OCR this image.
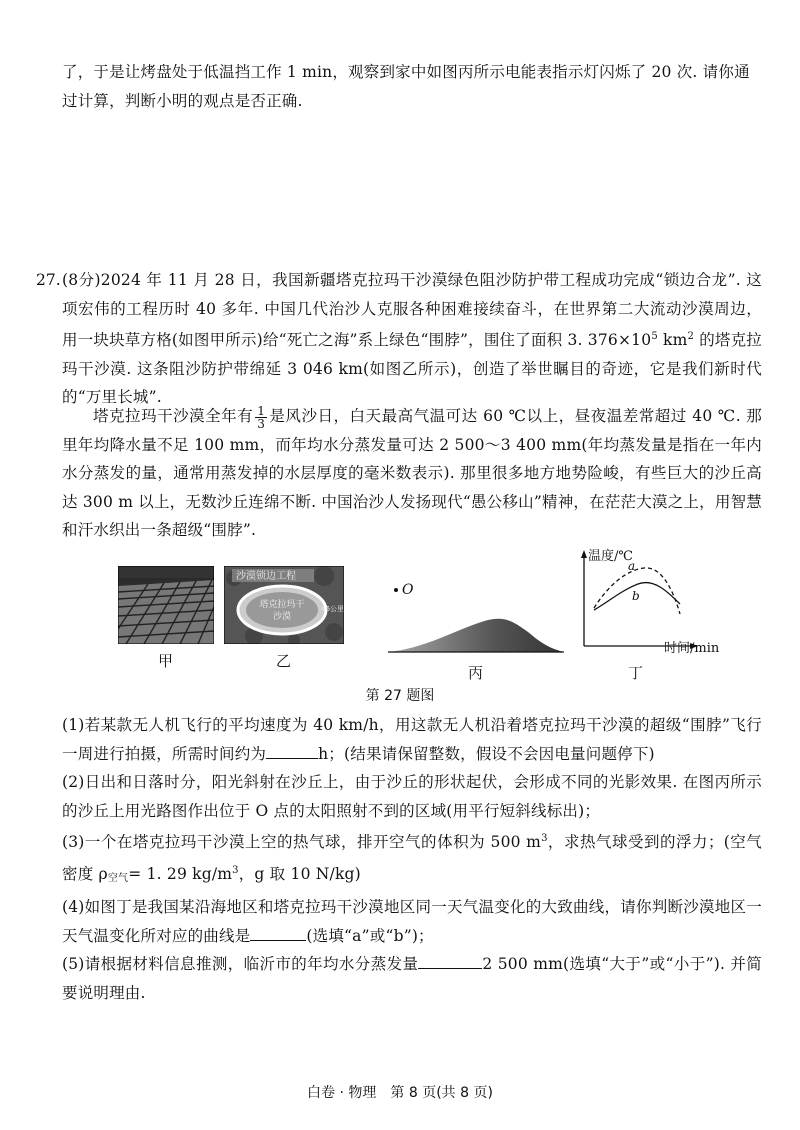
了，于是让烤盘处于低温挡工作 1 min，观察到家中如图丙所示电能表指示灯闪烁了 20 次. 请你通
过计算，判断小明的观点是否正确.
27. (8分)2024 年 11 月 28 日，我国新疆塔克拉玛干沙漠绿色阻沙防护带工程成功完成“锁边合龙”. 这项宏伟的工程历时 40 多年. 中国几代治沙人克服各种困难接续奋斗，在世界第二大流动沙漠周边，用一块块草方格(如图甲所示)给“死亡之海”系上绿色“围脖”，围住了面积 3. $376\times 10^5$ $km^2$ 的塔克拉玛干沙漠. 这条阻沙防护带绵延 3 046 km(如图乙所示)，创造了举世瞩目的奇迹，它是我们新时代的“万里长城”.
塔克拉玛干沙漠全年有 $\frac{1}{3}$ 是风沙日，白天最高气温可达 60 ℃以上，昼夜温差常超过 40 ℃. 那里年均降水量不足 100 mm，而年均水分蒸发量可达 2 500～3 400 mm(年均蒸发量是指在一年内水分蒸发的量，通常用蒸发掉的水层厚度的毫米数表示). 那里很多地方地势险峻，有些巨大的沙丘高达 300 m 以上，无数沙丘连绵不断. 中国治沙人发扬现代“愚公移山”精神，在茫茫大漠之上，用智慧和汗水织出一条超级“围脖”.
甲
沙漠锁边工程
塔克拉玛干
沙漠
46公里
乙
O
丙
温度/℃
时间/min
a
b
丁
第 27 题图
(1)若某款无人机飞行的平均速度为 40 km/h，用这款无人机沿着塔克拉玛干沙漠的超级“围脖”飞行一周进行拍摄，所需时间约为	h；(结果请保留整数，假设不会因电量问题停下)
(2)日出和日落时分，阳光斜射在沙丘上，由于沙丘的形状起伏，会形成不同的光影效果. 在图丙所示的沙丘上用光路图作出位于 O 点的太阳照射不到的区域(用平行短斜线标出)；
(3)一个在塔克拉玛干沙漠上空的热气球，排开空气的体积为 500 $m^3$，求热气球受到的浮力；(空气密度 $\rho_{空气}= 1$. 29 $kg/m^3$，g 取 10 N/kg)
(4)如图丁是我国某沿海地区和塔克拉玛干沙漠地区同一天气温变化的大致曲线，请你判断沙漠地区一天气温变化所对应的曲线是	(选填“a”或“b”)；
(5)请根据材料信息推测，临沂市的年均水分蒸发量	2 500 mm(选填“大于”或“小于”). 并简要说明理由.
白卷 · 物理　第 8 页(共 8 页)
